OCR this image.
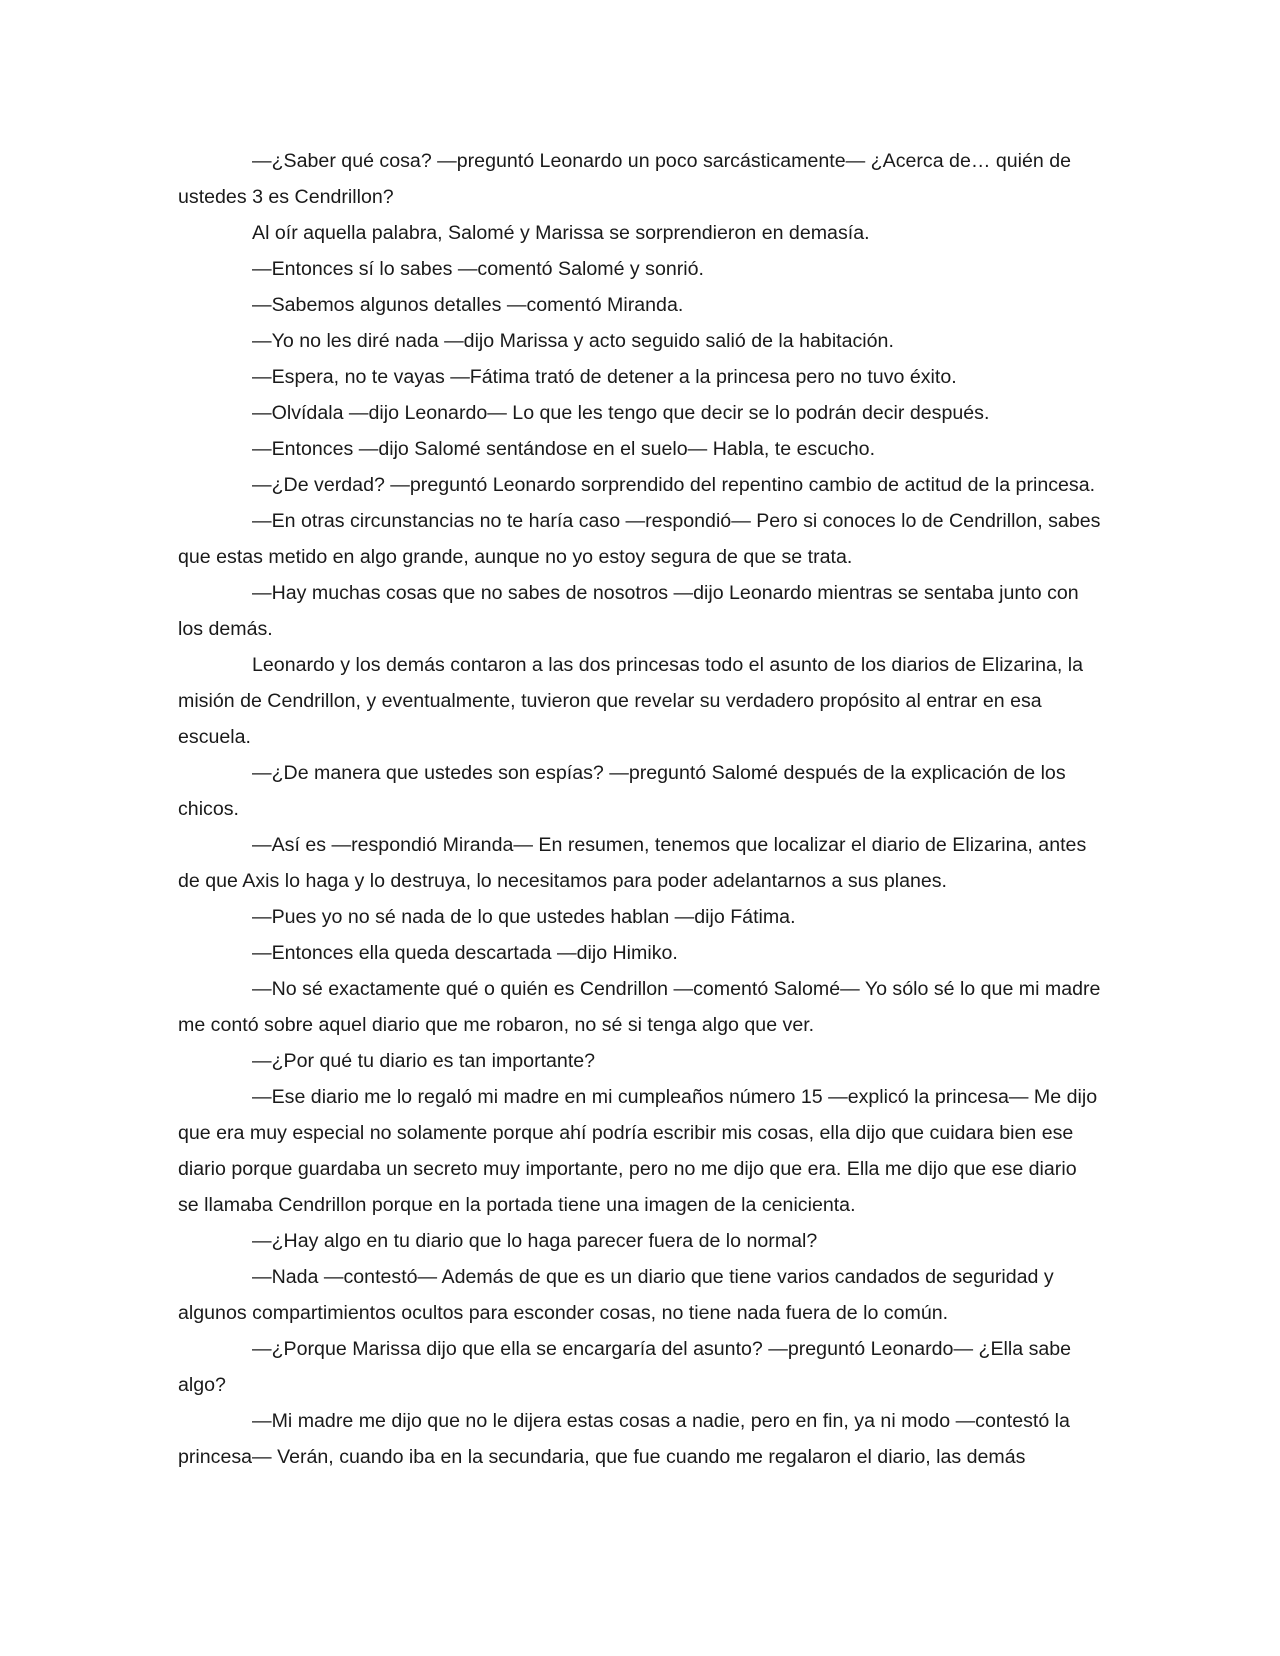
—¿Saber qué cosa? —preguntó Leonardo un poco sarcásticamente— ¿Acerca de… quién de ustedes 3 es Cendrillon?

Al oír aquella palabra, Salomé y Marissa se sorprendieron en demasía.

—Entonces sí lo sabes —comentó Salomé y sonrió.

—Sabemos algunos detalles —comentó Miranda.

—Yo no les diré nada —dijo Marissa y acto seguido salió de la habitación.

—Espera, no te vayas —Fátima trató de detener a la princesa pero no tuvo éxito.

—Olvídala —dijo Leonardo— Lo que les tengo que decir se lo podrán decir después.

—Entonces —dijo Salomé sentándose en el suelo— Habla, te escucho.

—¿De verdad? —preguntó Leonardo sorprendido del repentino cambio de actitud de la princesa.

—En otras circunstancias no te haría caso —respondió— Pero si conoces lo de Cendrillon, sabes que estas metido en algo grande, aunque no yo estoy segura de que se trata.

—Hay muchas cosas que no sabes de nosotros —dijo Leonardo mientras se sentaba junto con los demás.

Leonardo y los demás contaron a las dos princesas todo el asunto de los diarios de Elizarina, la misión de Cendrillon, y eventualmente, tuvieron que revelar su verdadero propósito al entrar en esa escuela.

—¿De manera que ustedes son espías? —preguntó Salomé después de la explicación de los chicos.

—Así es —respondió Miranda— En resumen, tenemos que localizar el diario de Elizarina, antes de que Axis lo haga y lo destruya, lo necesitamos para poder adelantarnos a sus planes.

—Pues yo no sé nada de lo que ustedes hablan —dijo Fátima.

—Entonces ella queda descartada —dijo Himiko.

—No sé exactamente qué o quién es Cendrillon —comentó Salomé— Yo sólo sé lo que mi madre me contó sobre aquel diario que me robaron, no sé si tenga algo que ver.

—¿Por qué tu diario es tan importante?

—Ese diario me lo regaló mi madre en mi cumpleaños número 15 —explicó la princesa— Me dijo que era muy especial no solamente porque ahí podría escribir mis cosas, ella dijo que cuidara bien ese diario porque guardaba un secreto muy importante, pero no me dijo que era. Ella me dijo que ese diario se llamaba Cendrillon porque en la portada tiene una imagen de la cenicienta.

—¿Hay algo en tu diario que lo haga parecer fuera de lo normal?

—Nada —contestó— Además de que es un diario que tiene varios candados de seguridad y algunos compartimientos ocultos para esconder cosas, no tiene nada fuera de lo común.

—¿Porque Marissa dijo que ella se encargaría del asunto? —preguntó Leonardo— ¿Ella sabe algo?

—Mi madre me dijo que no le dijera estas cosas a nadie, pero en fin, ya ni modo —contestó la princesa— Verán, cuando iba en la secundaria, que fue cuando me regalaron el diario, las demás
